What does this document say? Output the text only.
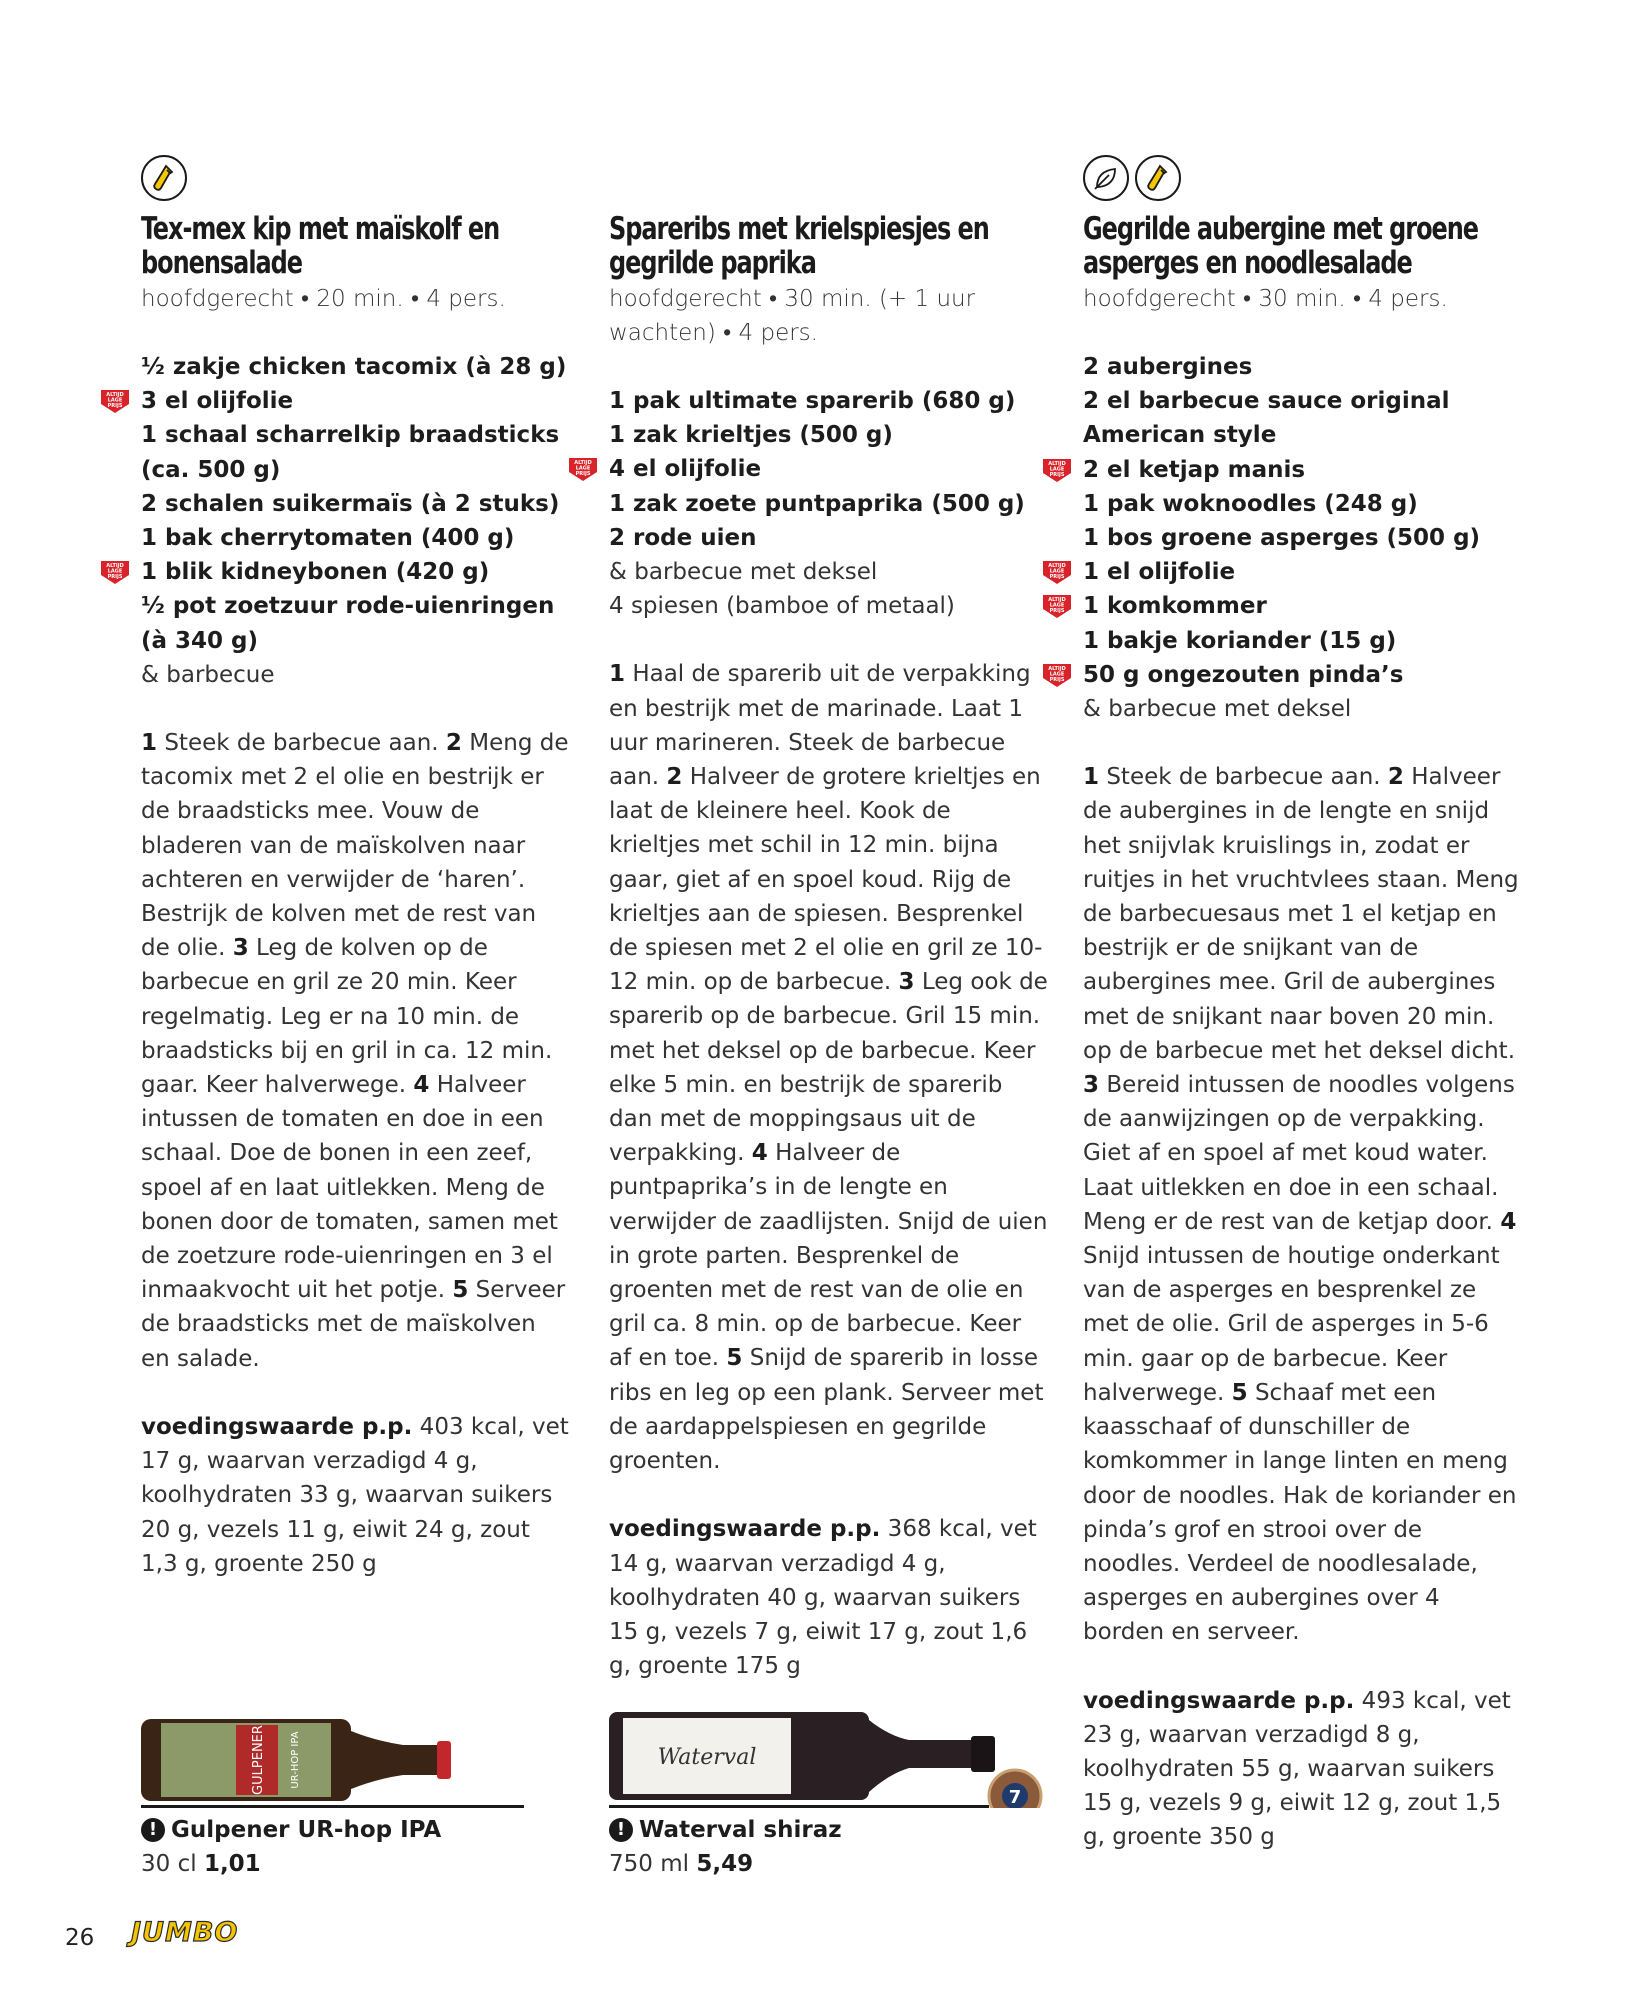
Tex-mex kip met maïskolf en bonensalade
hoofdgerecht • 20 min. • 4 pers.
½ zakje chicken tacomix (à 28 g)
ALTIJD
LAGE
PRIJS 3 el olijfolie
1 schaal scharrelkip braadsticks (ca. 500 g)
2 schalen suikermaïs (à 2 stuks)
1 bak cherrytomaten (400 g)
ALTIJD
LAGE
PRIJS 1 blik kidneybonen (420 g)
½ pot zoetzuur rode-uienringen (à 340 g)
& barbecue
1 Steek de barbecue aan. 2 Meng de tacomix met 2 el olie en bestrijk er de braadsticks mee. Vouw de bladeren van de maïskolven naar achteren en verwijder de ‘haren’. Bestrijk de kolven met de rest van de olie. 3 Leg de kolven op de barbecue en gril ze 20 min. Keer regelmatig. Leg er na 10 min. de braadsticks bij en gril in ca. 12 min. gaar. Keer halverwege. 4 Halveer intussen de tomaten en doe in een schaal. Doe de bonen in een zeef, spoel af en laat uitlekken. Meng de bonen door de tomaten, samen met de zoetzure rode-uienringen en 3 el inmaakvocht uit het potje. 5 Serveer de braadsticks met de maïskolven en salade.
voedingswaarde p.p. 403 kcal, vet 17 g, waarvan verzadigd 4 g, koolhydraten 33 g, waarvan suikers 20 g, vezels 11 g, eiwit 24 g, zout 1,3 g, groente 250 g
Spareribs met krielspiesjes en gegrilde paprika
hoofdgerecht • 30 min. (+ 1 uur wachten) • 4 pers.
1 pak ultimate sparerib (680 g)
1 zak krieltjes (500 g)
ALTIJD
LAGE
PRIJS 4 el olijfolie
1 zak zoete puntpaprika (500 g)
2 rode uien
& barbecue met deksel
4 spiesen (bamboe of metaal)
1 Haal de sparerib uit de verpakking en bestrijk met de marinade. Laat 1 uur marineren. Steek de barbecue aan. 2 Halveer de grotere krieltjes en laat de kleinere heel. Kook de krieltjes met schil in 12 min. bijna gaar, giet af en spoel koud. Rijg de krieltjes aan de spiesen. Besprenkel de spiesen met 2 el olie en gril ze 10-12 min. op de barbecue. 3 Leg ook de sparerib op de barbecue. Gril 15 min. met het deksel op de barbecue. Keer elke 5 min. en bestrijk de sparerib dan met de moppingsaus uit de verpakking. 4 Halveer de puntpaprika’s in de lengte en verwijder de zaadlijsten. Snijd de uien in grote parten. Besprenkel de groenten met de rest van de olie en gril ca. 8 min. op de barbecue. Keer af en toe. 5 Snijd de sparerib in losse ribs en leg op een plank. Serveer met de aardappelspiesen en gegrilde groenten.
voedingswaarde p.p. 368 kcal, vet 14 g, waarvan verzadigd 4 g, koolhydraten 40 g, waarvan suikers 15 g, vezels 7 g, eiwit 17 g, zout 1,6 g, groente 175 g
Gegrilde aubergine met groene asperges en noodlesalade
hoofdgerecht • 30 min. • 4 pers.
2 aubergines
2 el barbecue sauce original American style
ALTIJD
LAGE
PRIJS 2 el ketjap manis
1 pak woknoodles (248 g)
1 bos groene asperges (500 g)
ALTIJD
LAGE
PRIJS 1 el olijfolie
ALTIJD
LAGE
PRIJS 1 komkommer
1 bakje koriander (15 g)
ALTIJD
LAGE
PRIJS 50 g ongezouten pinda’s
& barbecue met deksel
1 Steek de barbecue aan. 2 Halveer de aubergines in de lengte en snijd het snijvlak kruislings in, zodat er ruitjes in het vruchtvlees staan. Meng de barbecuesaus met 1 el ketjap en bestrijk er de snijkant van de aubergines mee. Gril de aubergines met de snijkant naar boven 20 min. op de barbecue met het deksel dicht. 3 Bereid intussen de noodles volgens de aanwijzingen op de verpakking. Giet af en spoel af met koud water. Laat uitlekken en doe in een schaal. Meng er de rest van de ketjap door. 4 Snijd intussen de houtige onderkant van de asperges en besprenkel ze met de olie. Gril de asperges in 5-6 min. gaar op de barbecue. Keer halverwege. 5 Schaaf met een kaasschaaf of dunschiller de komkommer in lange linten en meng door de noodles. Hak de koriander en pinda’s grof en strooi over de noodles. Verdeel de noodlesalade, asperges en aubergines over 4 borden en serveer.
voedingswaarde p.p. 493 kcal, vet 23 g, waarvan verzadigd 8 g, koolhydraten 55 g, waarvan suikers 15 g, vezels 9 g, eiwit 12 g, zout 1,5 g, groente 350 g
GULPENER UR-HOP IPA
! Gulpener UR-hop IPA
30 cl 1,01
Waterval
7
! Waterval shiraz
750 ml 5,49
26 JUMBO
